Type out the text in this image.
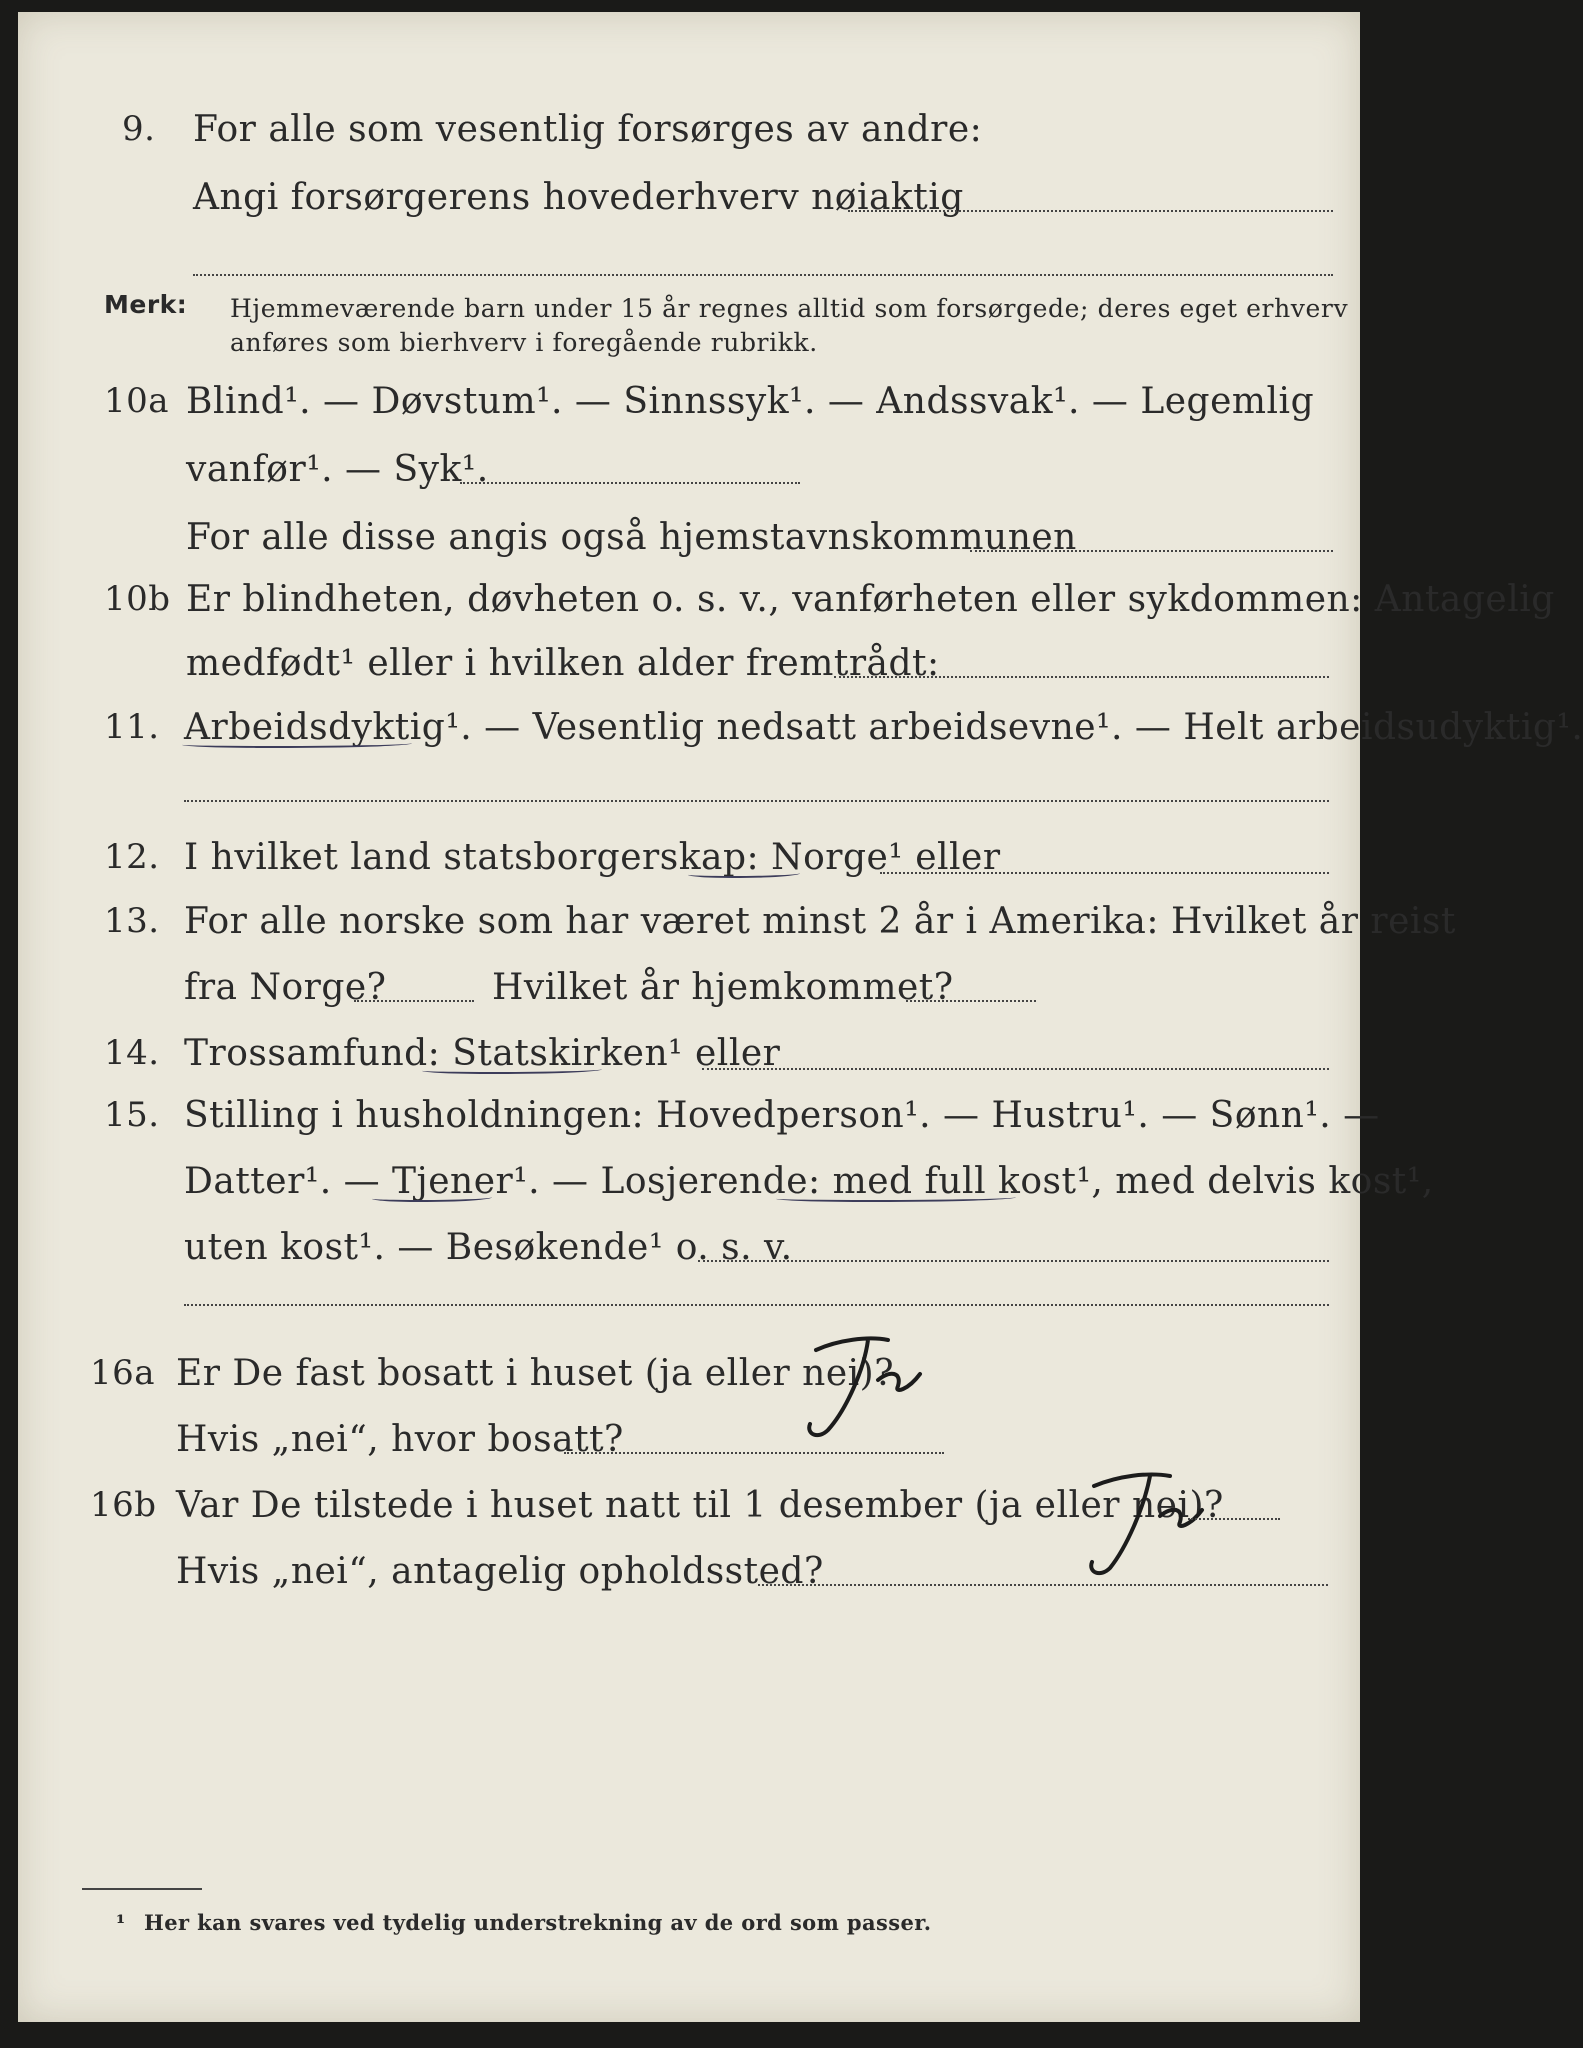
9. For alle som vesentlig forsørges av andre:
Angi forsørgerens hovederhverv nøiaktig
Merk: Hjemmeværende barn under 15 år regnes alltid som forsørgede; deres eget erhverv
anføres som bierhverv i foregående rubrikk.
10a Blind¹. — Døvstum¹. — Sinnssyk¹. — Andssvak¹. — Legemlig
vanfør¹. — Syk¹.
For alle disse angis også hjemstavnskommunen
10b Er blindheten, døvheten o. s. v., vanførheten eller sykdommen: Antagelig
medfødt¹ eller i hvilken alder fremtrådt:
11. Arbeidsdyktig¹. — Vesentlig nedsatt arbeidsevne¹. — Helt arbeidsudyktig¹.
12. I hvilket land statsborgerskap: Norge¹ eller
13. For alle norske som har været minst 2 år i Amerika: Hvilket år reist
fra Norge?	Hvilket år hjemkommet?
14. Trossamfund: Statskirken¹ eller
15. Stilling i husholdningen: Hovedperson¹. — Hustru¹. — Sønn¹. —
Datter¹. — Tjener¹. — Losjerende: med full kost¹, med delvis kost¹,
uten kost¹. — Besøkende¹ o. s. v.
16a Er De fast bosatt i huset (ja eller nei)?
Hvis „nei“, hvor bosatt?
16b Var De tilstede i huset natt til 1 desember (ja eller nei)?
Hvis „nei“, antagelig opholdssted?
¹ Her kan svares ved tydelig understrekning av de ord som passer.
